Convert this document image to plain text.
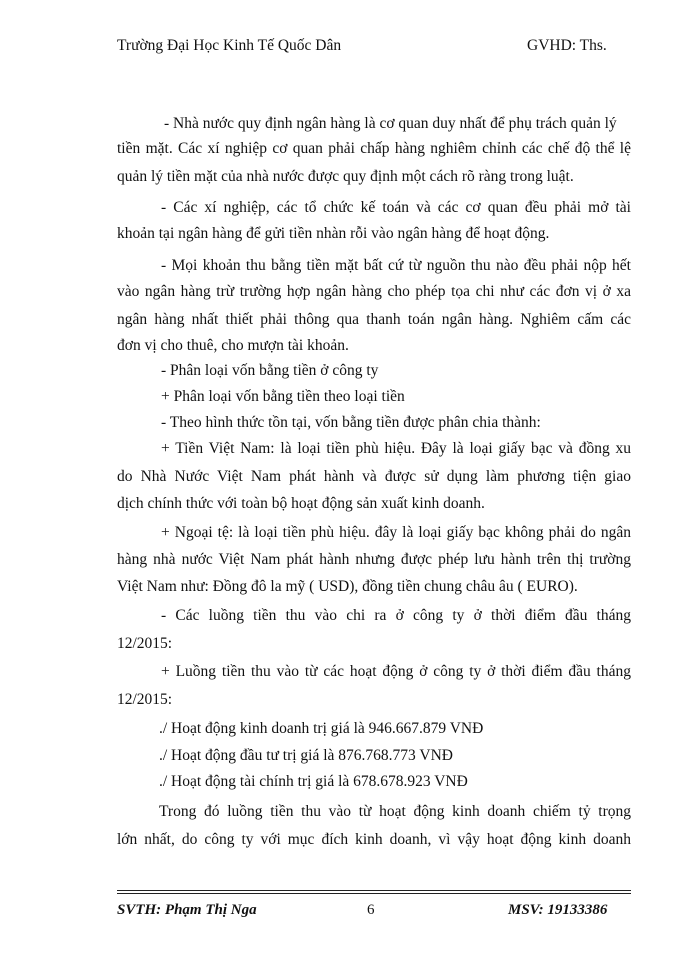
Trường Đại Học Kinh Tế Quốc Dân	GVHD: Ths.
- Nhà nước quy định ngân hàng là cơ quan duy nhất để phụ trách quản lý
tiền mặt. Các xí nghiệp cơ quan phải chấp hàng nghiêm chỉnh các chế độ thể lệ
quản lý tiền mặt của nhà nước được quy định một cách rõ ràng trong luật.
- Các xí nghiệp, các tổ chức kế toán và các cơ quan đều phải mở tài
khoản tại ngân hàng để gửi tiền nhàn rỗi vào ngân hàng để hoạt động.
- Mọi khoản thu bằng tiền mặt bất cứ từ nguồn thu nào đều phải nộp hết
vào ngân hàng trừ trường hợp ngân hàng cho phép tọa chi như các đơn vị ở xa
ngân hàng nhất thiết phải thông qua thanh toán ngân hàng. Nghiêm cấm các
đơn vị cho thuê, cho mượn tài khoản.
- Phân loại vốn bằng tiền ở công ty
+ Phân loại vốn bằng tiền theo loại tiền
- Theo hình thức tồn tại, vốn bằng tiền được phân chia thành:
+ Tiền Việt Nam: là loại tiền phù hiệu. Đây là loại giấy bạc và đồng xu
do Nhà Nước Việt Nam phát hành và được sử dụng làm phương tiện giao
dịch chính thức với toàn bộ hoạt động sản xuất kinh doanh.
+ Ngoại tệ: là loại tiền phù hiệu. đây là loại giấy bạc không phải do ngân
hàng nhà nước Việt Nam phát hành nhưng được phép lưu hành trên thị trường
Việt Nam như: Đồng đô la mỹ ( USD), đồng tiền chung châu âu ( EURO).
- Các luồng tiền thu vào chi ra ở công ty ở thời điểm đầu tháng
12/2015:
+ Luồng tiền thu vào từ các hoạt động ở công ty ở thời điểm đầu tháng
12/2015:
./ Hoạt động kinh doanh trị giá là 946.667.879 VNĐ
./ Hoạt động đầu tư trị giá là 876.768.773 VNĐ
./ Hoạt động tài chính trị giá là 678.678.923 VNĐ
Trong đó luồng tiền thu vào từ hoạt động kinh doanh chiếm tỷ trọng
lớn nhất, do công ty với mục đích kinh doanh, vì vậy hoạt động kinh doanh
SVTH: Phạm Thị Nga	6	MSV: 19133386
